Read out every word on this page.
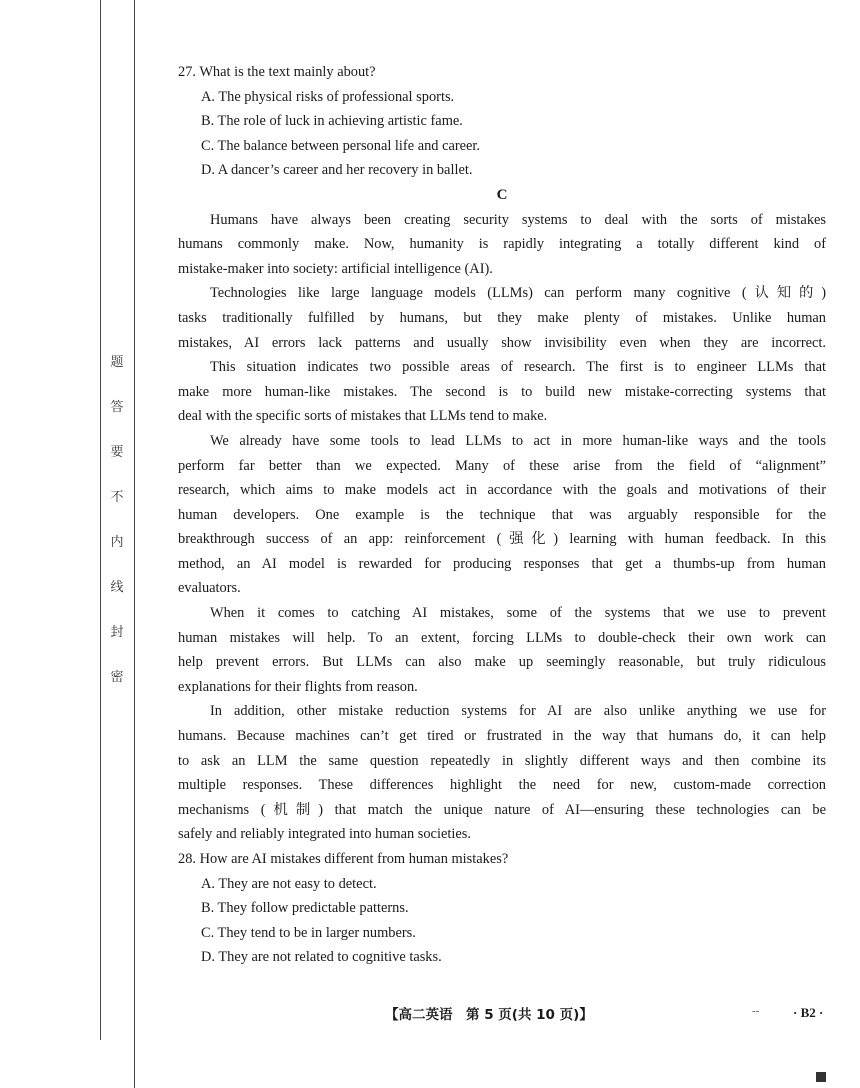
题
答
要
不
内
线
封
密
27. What is the text mainly about?
A. The physical risks of professional sports.
B. The role of luck in achieving artistic fame.
C. The balance between personal life and career.
D. A dancer’s career and her recovery in ballet.
C
Humans have always been creating security systems to deal with the sorts of mistakes
humans commonly make. Now, humanity is rapidly integrating a totally different kind of
mistake-maker into society: artificial intelligence (AI).
Technologies like large language models (LLMs) can perform many cognitive (认知的)
tasks traditionally fulfilled by humans, but they make plenty of mistakes. Unlike human
mistakes, AI errors lack patterns and usually show invisibility even when they are incorrect.
This situation indicates two possible areas of research. The first is to engineer LLMs that
make more human-like mistakes. The second is to build new mistake-correcting systems that
deal with the specific sorts of mistakes that LLMs tend to make.
We already have some tools to lead LLMs to act in more human-like ways and the tools
perform far better than we expected. Many of these arise from the field of “alignment”
research, which aims to make models act in accordance with the goals and motivations of their
human developers. One example is the technique that was arguably responsible for the
breakthrough success of an app: reinforcement (强化) learning with human feedback. In this
method, an AI model is rewarded for producing responses that get a thumbs-up from human
evaluators.
When it comes to catching AI mistakes, some of the systems that we use to prevent
human mistakes will help. To an extent, forcing LLMs to double-check their own work can
help prevent errors. But LLMs can also make up seemingly reasonable, but truly ridiculous
explanations for their flights from reason.
In addition, other mistake reduction systems for AI are also unlike anything we use for
humans. Because machines can’t get tired or frustrated in the way that humans do, it can help
to ask an LLM the same question repeatedly in slightly different ways and then combine its
multiple responses. These differences highlight the need for new, custom-made correction
mechanisms (机制) that match the unique nature of AI—ensuring these technologies can be
safely and reliably integrated into human societies.
28. How are AI mistakes different from human mistakes?
A. They are not easy to detect.
B. They follow predictable patterns.
C. They tend to be in larger numbers.
D. They are not related to cognitive tasks.
【高二英语　第 5 页(共 10 页)】	--	· B2 ·
